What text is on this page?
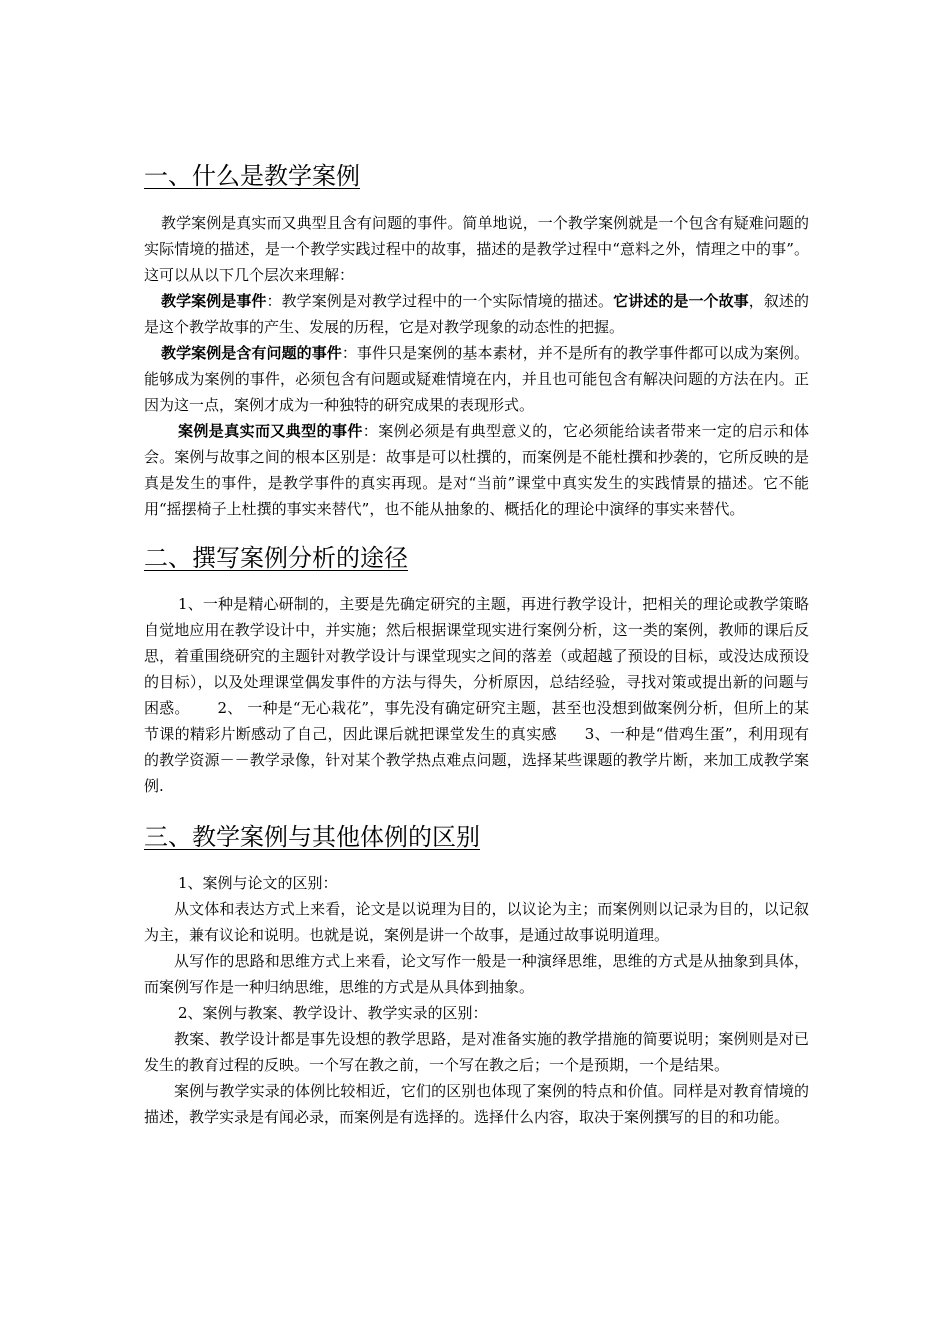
一、什么是教学案例

教学案例是真实而又典型且含有问题的事件。简单地说，一个教学案例就是一个包含有疑难问题的实际情境的描述，是一个教学实践过程中的故事，描述的是教学过程中“意料之外，情理之中的事”。这可以从以下几个层次来理解：

教学案例是事件：教学案例是对教学过程中的一个实际情境的描述。它讲述的是一个故事，叙述的是这个教学故事的产生、发展的历程，它是对教学现象的动态性的把握。

教学案例是含有问题的事件：事件只是案例的基本素材，并不是所有的教学事件都可以成为案例。能够成为案例的事件，必须包含有问题或疑难情境在内，并且也可能包含有解决问题的方法在内。正因为这一点，案例才成为一种独特的研究成果的表现形式。

案例是真实而又典型的事件：案例必须是有典型意义的，它必须能给读者带来一定的启示和体会。案例与故事之间的根本区别是：故事是可以杜撰的，而案例是不能杜撰和抄袭的，它所反映的是真是发生的事件，是教学事件的真实再现。是对“当前”课堂中真实发生的实践情景的描述。它不能用“摇摆椅子上杜撰的事实来替代”，也不能从抽象的、概括化的理论中演绎的事实来替代。

二、撰写案例分析的途径

1、一种是精心研制的，主要是先确定研究的主题，再进行教学设计，把相关的理论或教学策略自觉地应用在教学设计中，并实施；然后根据课堂现实进行案例分析，这一类的案例，教师的课后反思，着重围绕研究的主题针对教学设计与课堂现实之间的落差（或超越了预设的目标，或没达成预设的目标），以及处理课堂偶发事件的方法与得失，分析原因，总结经验，寻找对策或提出新的问题与困惑。 2、 一种是“无心栽花”，事先没有确定研究主题，甚至也没想到做案例分析，但所上的某节课的精彩片断感动了自己，因此课后就把课堂发生的真实感 3、一种是“借鸡生蛋”，利用现有的教学资源－－教学录像，针对某个教学热点难点问题，选择某些课题的教学片断，来加工成教学案例.

三、教学案例与其他体例的区别

1、案例与论文的区别：

从文体和表达方式上来看，论文是以说理为目的，以议论为主；而案例则以记录为目的，以记叙为主，兼有议论和说明。也就是说，案例是讲一个故事，是通过故事说明道理。

从写作的思路和思维方式上来看，论文写作一般是一种演绎思维，思维的方式是从抽象到具体，而案例写作是一种归纳思维，思维的方式是从具体到抽象。

2、案例与教案、教学设计、教学实录的区别：

教案、教学设计都是事先设想的教学思路，是对准备实施的教学措施的简要说明；案例则是对已发生的教育过程的反映。一个写在教之前，一个写在教之后；一个是预期，一个是结果。

案例与教学实录的体例比较相近，它们的区别也体现了案例的特点和价值。同样是对教育情境的描述，教学实录是有闻必录，而案例是有选择的。选择什么内容，取决于案例撰写的目的和功能。
